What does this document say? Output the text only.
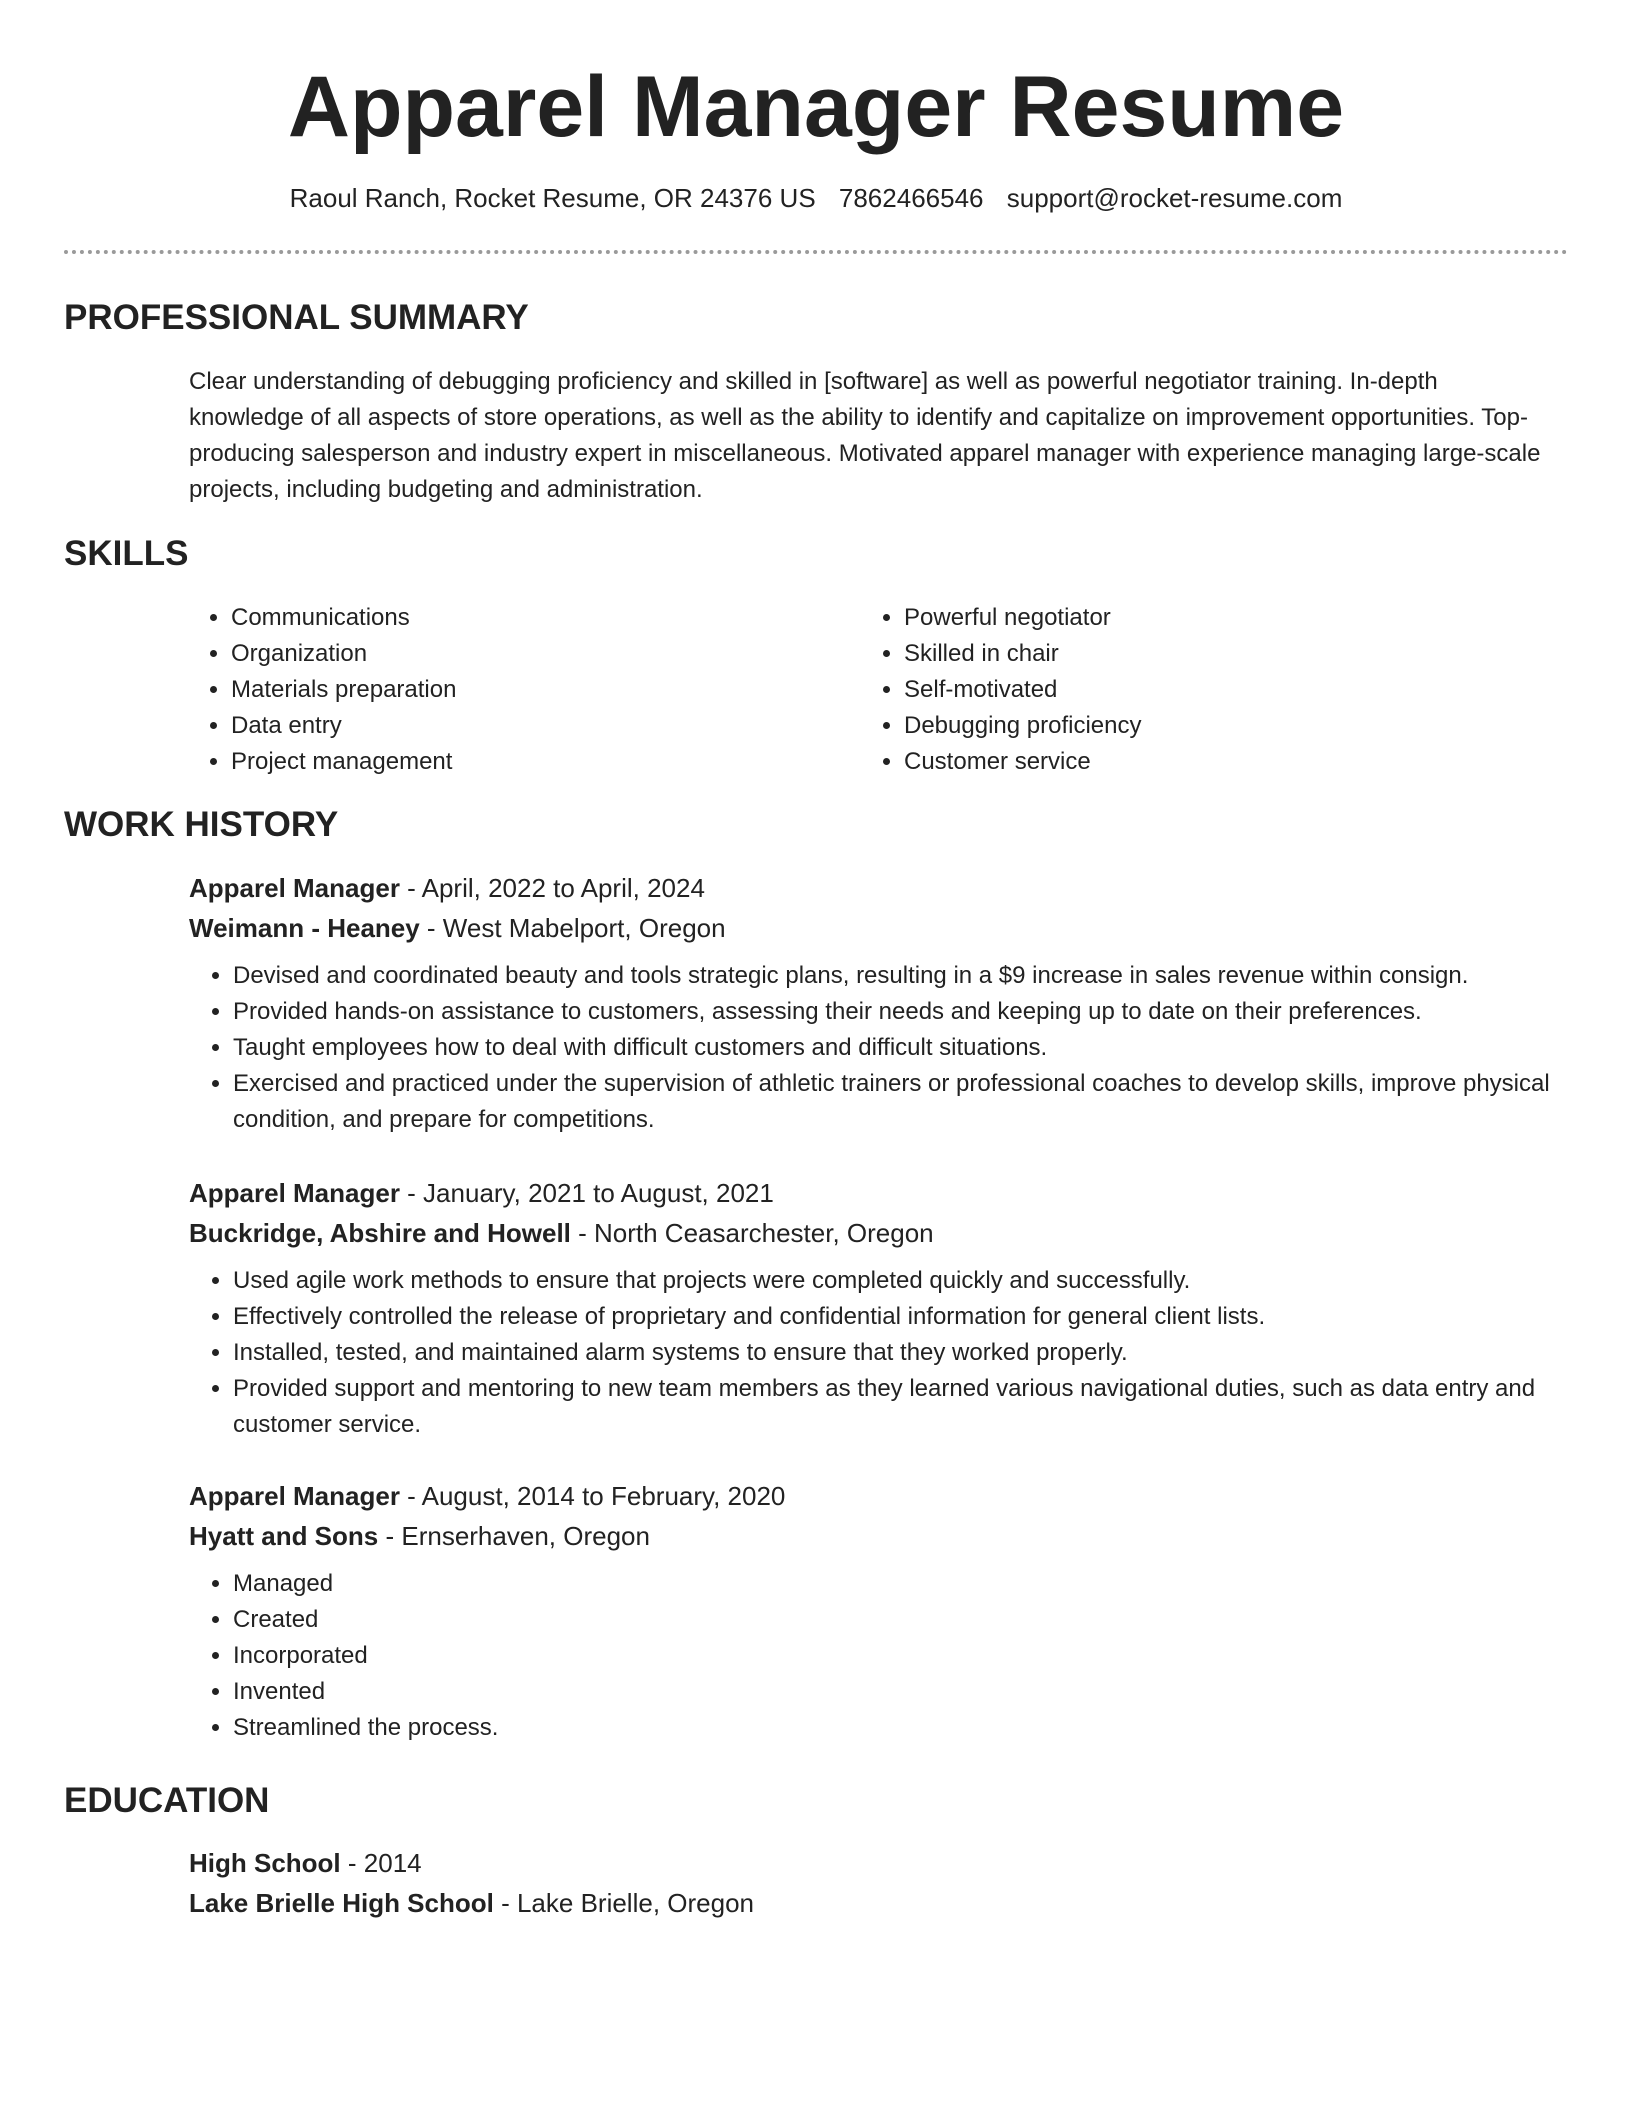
Apparel Manager Resume
Raoul Ranch, Rocket Resume, OR 24376 US 7862466546 support@rocket-resume.com
PROFESSIONAL SUMMARY

Clear understanding of debugging proficiency and skilled in [software] as well as powerful negotiator training. In-depth knowledge of all aspects of store operations, as well as the ability to identify and capitalize on improvement opportunities. Top-producing salesperson and industry expert in miscellaneous. Motivated apparel manager with experience managing large-scale projects, including budgeting and administration.

SKILLS
• Communications
• Organization
• Materials preparation
• Data entry
• Project management
• Powerful negotiator
• Skilled in chair
• Self-motivated
• Debugging proficiency
• Customer service
WORK HISTORY
Apparel Manager - April, 2022 to April, 2024
Weimann - Heaney - West Mabelport, Oregon
• Devised and coordinated beauty and tools strategic plans, resulting in a $9 increase in sales revenue within consign.
• Provided hands-on assistance to customers, assessing their needs and keeping up to date on their preferences.
• Taught employees how to deal with difficult customers and difficult situations.
• Exercised and practiced under the supervision of athletic trainers or professional coaches to develop skills, improve physical condition, and prepare for competitions.
Apparel Manager - January, 2021 to August, 2021
Buckridge, Abshire and Howell - North Ceasarchester, Oregon
• Used agile work methods to ensure that projects were completed quickly and successfully.
• Effectively controlled the release of proprietary and confidential information for general client lists.
• Installed, tested, and maintained alarm systems to ensure that they worked properly.
• Provided support and mentoring to new team members as they learned various navigational duties, such as data entry and customer service.
Apparel Manager - August, 2014 to February, 2020
Hyatt and Sons - Ernserhaven, Oregon
• Managed
• Created
• Incorporated
• Invented
• Streamlined the process.
EDUCATION
High School - 2014
Lake Brielle High School - Lake Brielle, Oregon
